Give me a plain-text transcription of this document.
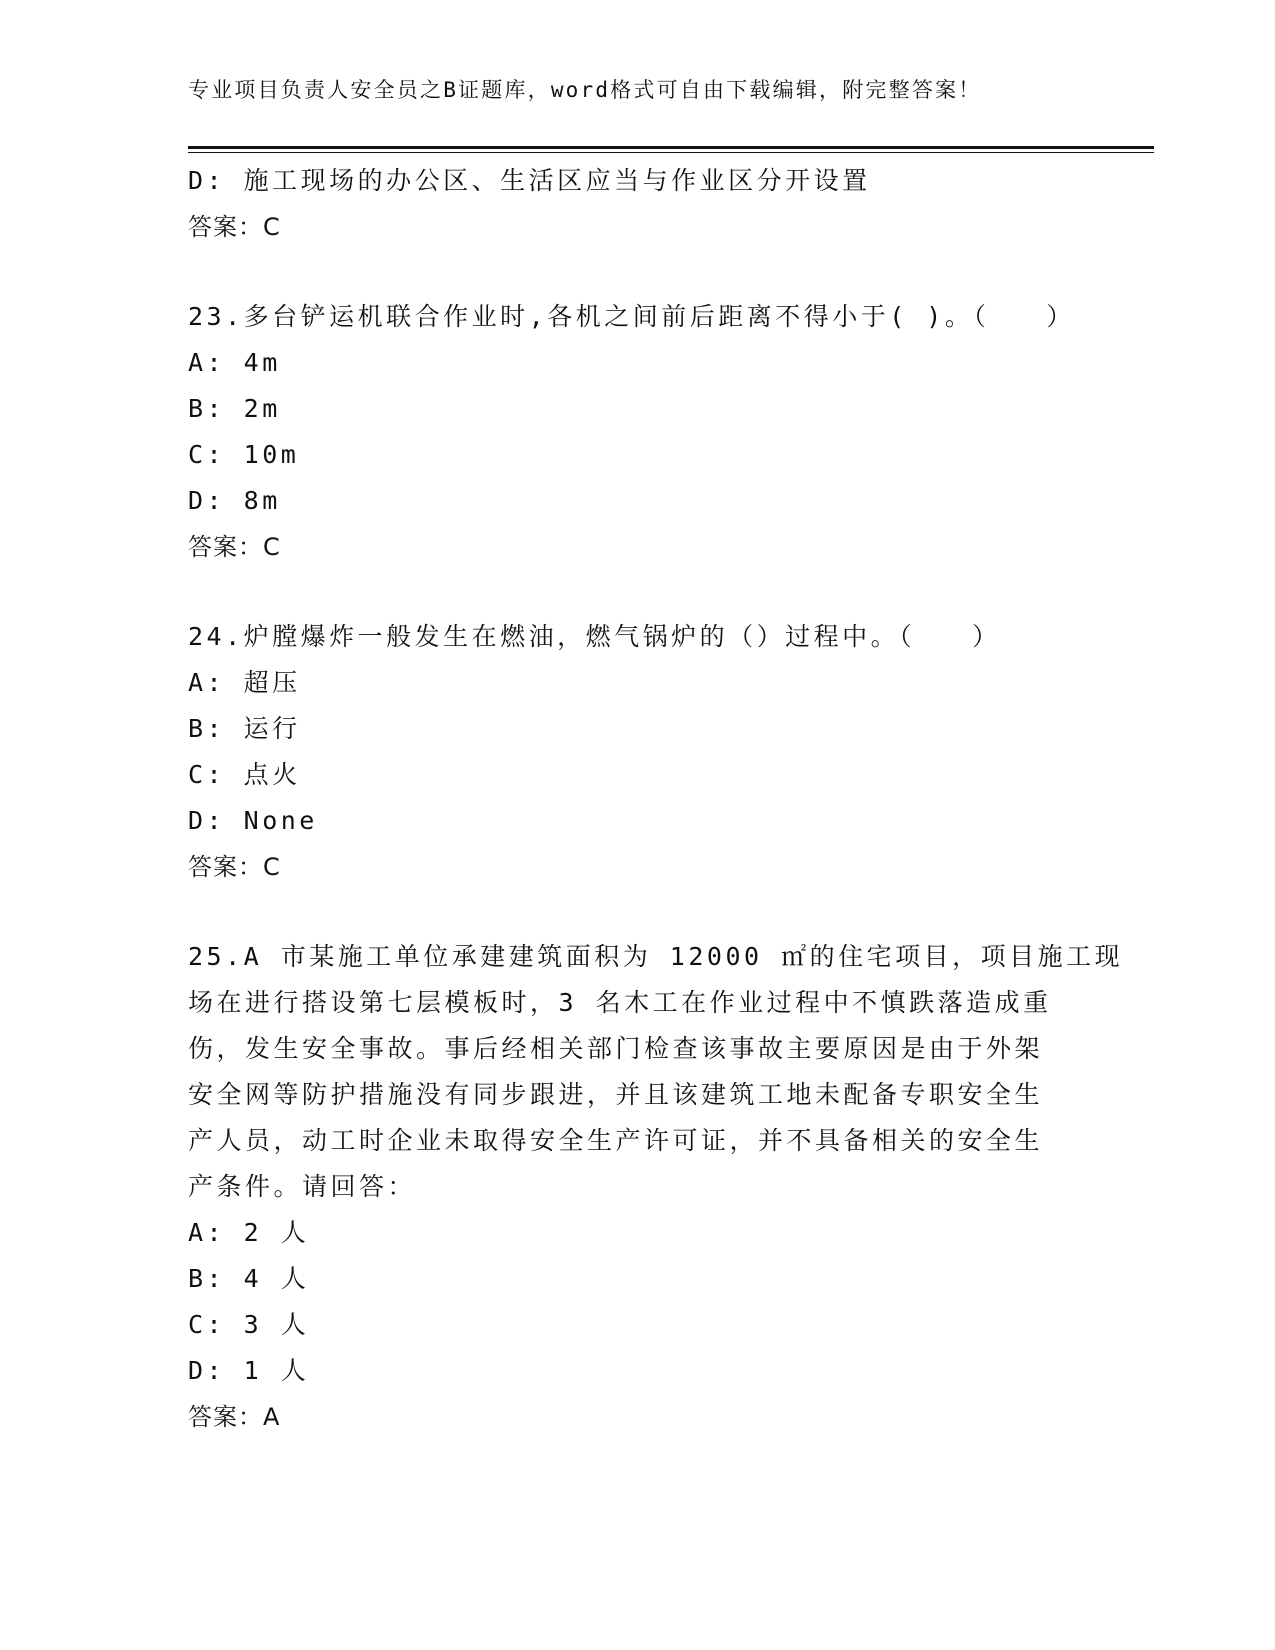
专业项目负责人安全员之B证题库，word格式可自由下载编辑，附完整答案！
D: 施工现场的办公区、生活区应当与作业区分开设置
答案：C
23.多台铲运机联合作业时,各机之间前后距离不得小于( )。（　　）
A: 4m
B: 2m
C: 10m
D: 8m
答案：C
24.炉膛爆炸一般发生在燃油，燃气锅炉的（）过程中。（　　）
A: 超压
B: 运行
C: 点火
D: None
答案：C
25.A 市某施工单位承建建筑面积为 12000 ㎡的住宅项目，项目施工现
场在进行搭设第七层模板时，3 名木工在作业过程中不慎跌落造成重
伤，发生安全事故。事后经相关部门检查该事故主要原因是由于外架
安全网等防护措施没有同步跟进，并且该建筑工地未配备专职安全生
产人员，动工时企业未取得安全生产许可证，并不具备相关的安全生
产条件。请回答：
A: 2 人
B: 4 人
C: 3 人
D: 1 人
答案：A
